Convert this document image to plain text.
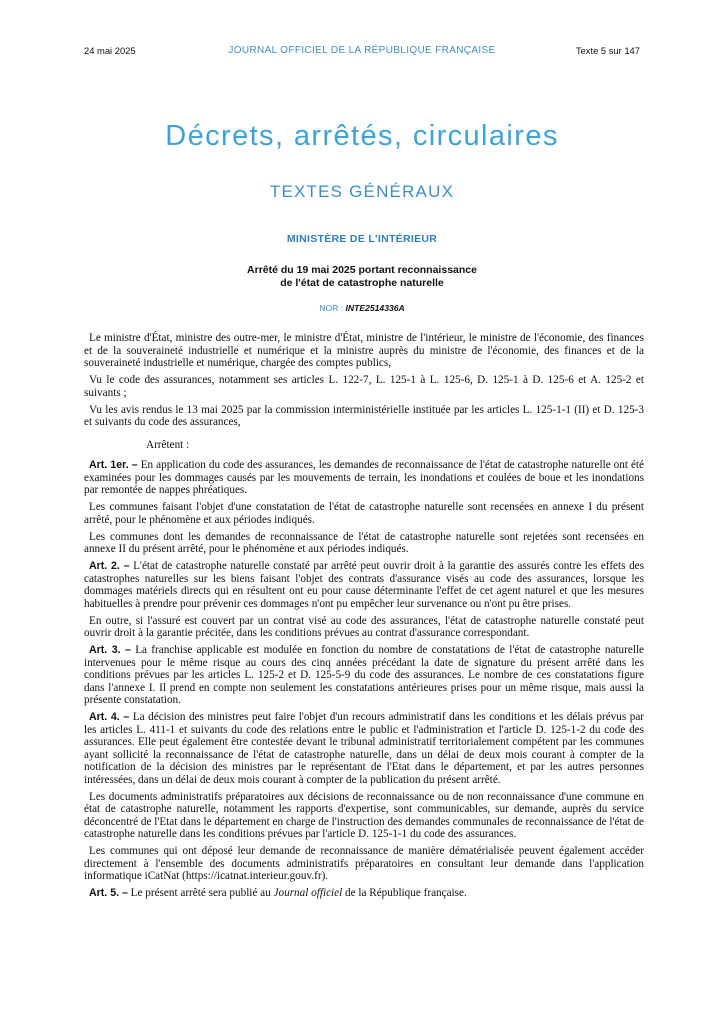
24 mai 2025	JOURNAL OFFICIEL DE LA RÉPUBLIQUE FRANÇAISE	Texte 5 sur 147
Décrets, arrêtés, circulaires
TEXTES GÉNÉRAUX
MINISTÈRE DE L'INTÉRIEUR
Arrêté du 19 mai 2025 portant reconnaissance
de l'état de catastrophe naturelle
NOR : INTE2514336A

Le ministre d'État, ministre des outre-mer, le ministre d'État, ministre de l'intérieur, le ministre de l'économie, des finances et de la souveraineté industrielle et numérique et la ministre auprès du ministre de l'économie, des finances et de la souveraineté industrielle et numérique, chargée des comptes publics,

Vu le code des assurances, notamment ses articles L. 122-7, L. 125-1 à L. 125-6, D. 125-1 à D. 125-6 et A. 125-2 et suivants ;

Vu les avis rendus le 13 mai 2025 par la commission interministérielle instituée par les articles L. 125-1-1 (II) et D. 125-3 et suivants du code des assurances,

Arrêtent :

Art. 1er. – En application du code des assurances, les demandes de reconnaissance de l'état de catastrophe naturelle ont été examinées pour les dommages causés par les mouvements de terrain, les inondations et coulées de boue et les inondations par remontée de nappes phréatiques.

Les communes faisant l'objet d'une constatation de l'état de catastrophe naturelle sont recensées en annexe I du présent arrêté, pour le phénomène et aux périodes indiqués.

Les communes dont les demandes de reconnaissance de l'état de catastrophe naturelle sont rejetées sont recensées en annexe II du présent arrêté, pour le phénomène et aux périodes indiqués.

Art. 2. – L'état de catastrophe naturelle constaté par arrêté peut ouvrir droit à la garantie des assurés contre les effets des catastrophes naturelles sur les biens faisant l'objet des contrats d'assurance visés au code des assurances, lorsque les dommages matériels directs qui en résultent ont eu pour cause déterminante l'effet de cet agent naturel et que les mesures habituelles à prendre pour prévenir ces dommages n'ont pu empêcher leur survenance ou n'ont pu être prises.

En outre, si l'assuré est couvert par un contrat visé au code des assurances, l'état de catastrophe naturelle constaté peut ouvrir droit à la garantie précitée, dans les conditions prévues au contrat d'assurance correspondant.

Art. 3. – La franchise applicable est modulée en fonction du nombre de constatations de l'état de catastrophe naturelle intervenues pour le même risque au cours des cinq années précédant la date de signature du présent arrêté dans les conditions prévues par les articles L. 125-2 et D. 125-5-9 du code des assurances. Le nombre de ces constatations figure dans l'annexe I. Il prend en compte non seulement les constatations antérieures prises pour un même risque, mais aussi la présente constatation.

Art. 4. – La décision des ministres peut faire l'objet d'un recours administratif dans les conditions et les délais prévus par les articles L. 411-1 et suivants du code des relations entre le public et l'administration et l'article D. 125-1-2 du code des assurances. Elle peut également être contestée devant le tribunal administratif territorialement compétent par les communes ayant sollicité la reconnaissance de l'état de catastrophe naturelle, dans un délai de deux mois courant à compter de la notification de la décision des ministres par le représentant de l'Etat dans le département, et par les autres personnes intéressées, dans un délai de deux mois courant à compter de la publication du présent arrêté.

Les documents administratifs préparatoires aux décisions de reconnaissance ou de non reconnaissance d'une commune en état de catastrophe naturelle, notamment les rapports d'expertise, sont communicables, sur demande, auprès du service déconcentré de l'Etat dans le département en charge de l'instruction des demandes communales de reconnaissance de l'état de catastrophe naturelle dans les conditions prévues par l'article D. 125-1-1 du code des assurances.

Les communes qui ont déposé leur demande de reconnaissance de manière dématérialisée peuvent également accéder directement à l'ensemble des documents administratifs préparatoires en consultant leur demande dans l'application informatique iCatNat (https://icatnat.interieur.gouv.fr).

Art. 5. – Le présent arrêté sera publié au Journal officiel de la République française.
